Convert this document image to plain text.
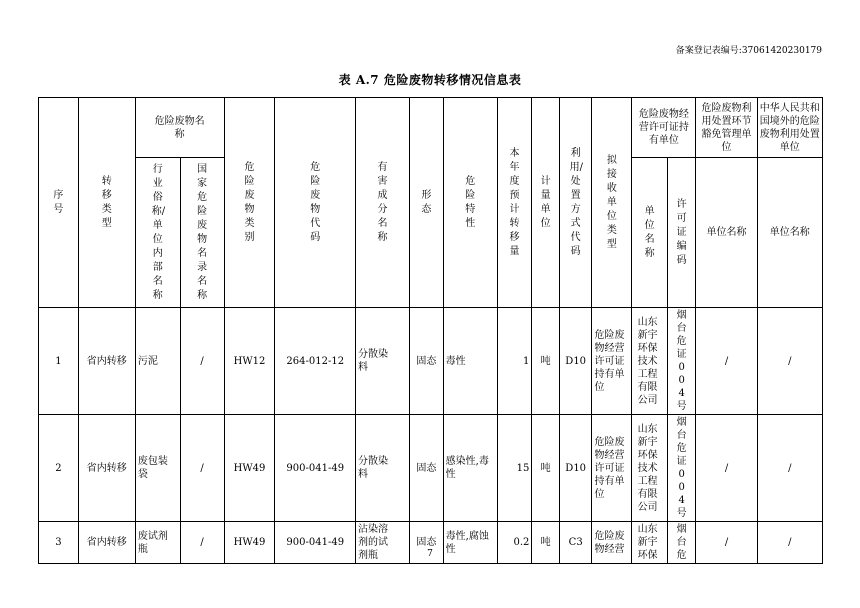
备案登记表编号:37061420230179
表 A.7 危险废物转移情况信息表
序号	转移类型	危险废物名称		危险废物类别	危险废物代码	有害成分名称	形态	危险特性	本年度预计转移量	计量单位	利用/处置方式代码	拟接收单位类型	危险废物经营许可证持有单位		危险废物利用处置环节豁免管理单位	中华人民共和国境外的危险废物利用处置单位
		行业俗称/单位内部名称	国家危险废物名录名称										单位名称	许可证编码	单位名称	单位名称
1	省内转移	污泥	/	HW12	264-012-12	分散染料	固态	毒性	1	吨	D10	危险废物经营许可证持有单位	山东新宇环保技术工程有限公司	烟台危证004号	/	/
2	省内转移	废包装袋	/	HW49	900-041-49	分散染料	固态	感染性,毒性	15	吨	D10	危险废物经营许可证持有单位	山东新宇环保技术工程有限公司	烟台危证004号	/	/
3	省内转移	废试剂瓶	/	HW49	900-041-49	沾染溶剂的试剂瓶	固态	毒性,腐蚀性	0.2	吨	C3	危险废物经营	山东新宇环保	烟台危	/	/
7
